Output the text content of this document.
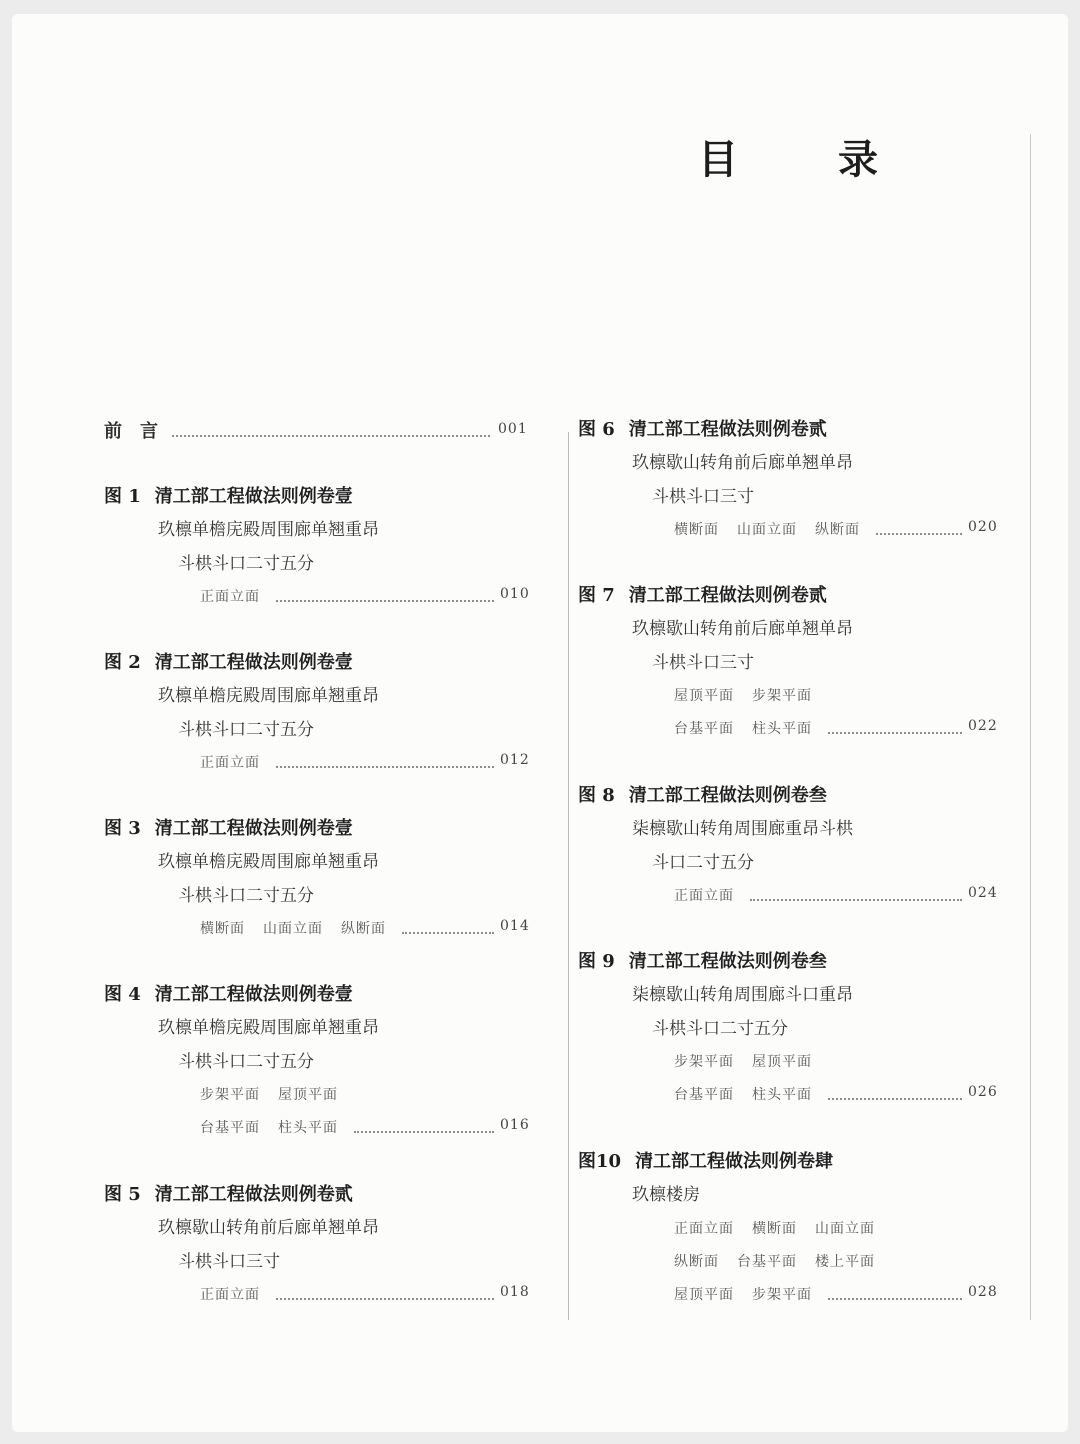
目	录
前　言	001
图 1 清工部工程做法则例卷壹
玖檩单檐庑殿周围廊单翘重昂
斗栱斗口二寸五分
正面立面	010
图 2 清工部工程做法则例卷壹
玖檩单檐庑殿周围廊单翘重昂
斗栱斗口二寸五分
正面立面	012
图 3 清工部工程做法则例卷壹
玖檩单檐庑殿周围廊单翘重昂
斗栱斗口二寸五分
横断面 山面立面 纵断面	014
图 4 清工部工程做法则例卷壹
玖檩单檐庑殿周围廊单翘重昂
斗栱斗口二寸五分
步架平面 屋顶平面
台基平面 柱头平面	016
图 5 清工部工程做法则例卷贰
玖檩歇山转角前后廊单翘单昂
斗栱斗口三寸
正面立面	018
图 6 清工部工程做法则例卷贰
玖檩歇山转角前后廊单翘单昂
斗栱斗口三寸
横断面 山面立面 纵断面	020
图 7 清工部工程做法则例卷贰
玖檩歇山转角前后廊单翘单昂
斗栱斗口三寸
屋顶平面 步架平面
台基平面 柱头平面	022
图 8 清工部工程做法则例卷叁
柒檩歇山转角周围廊重昂斗栱
斗口二寸五分
正面立面	024
图 9 清工部工程做法则例卷叁
柒檩歇山转角周围廊斗口重昂
斗栱斗口二寸五分
步架平面 屋顶平面
台基平面 柱头平面	026
图10 清工部工程做法则例卷肆
玖檩楼房
正面立面 横断面 山面立面
纵断面 台基平面 楼上平面
屋顶平面 步架平面	028
